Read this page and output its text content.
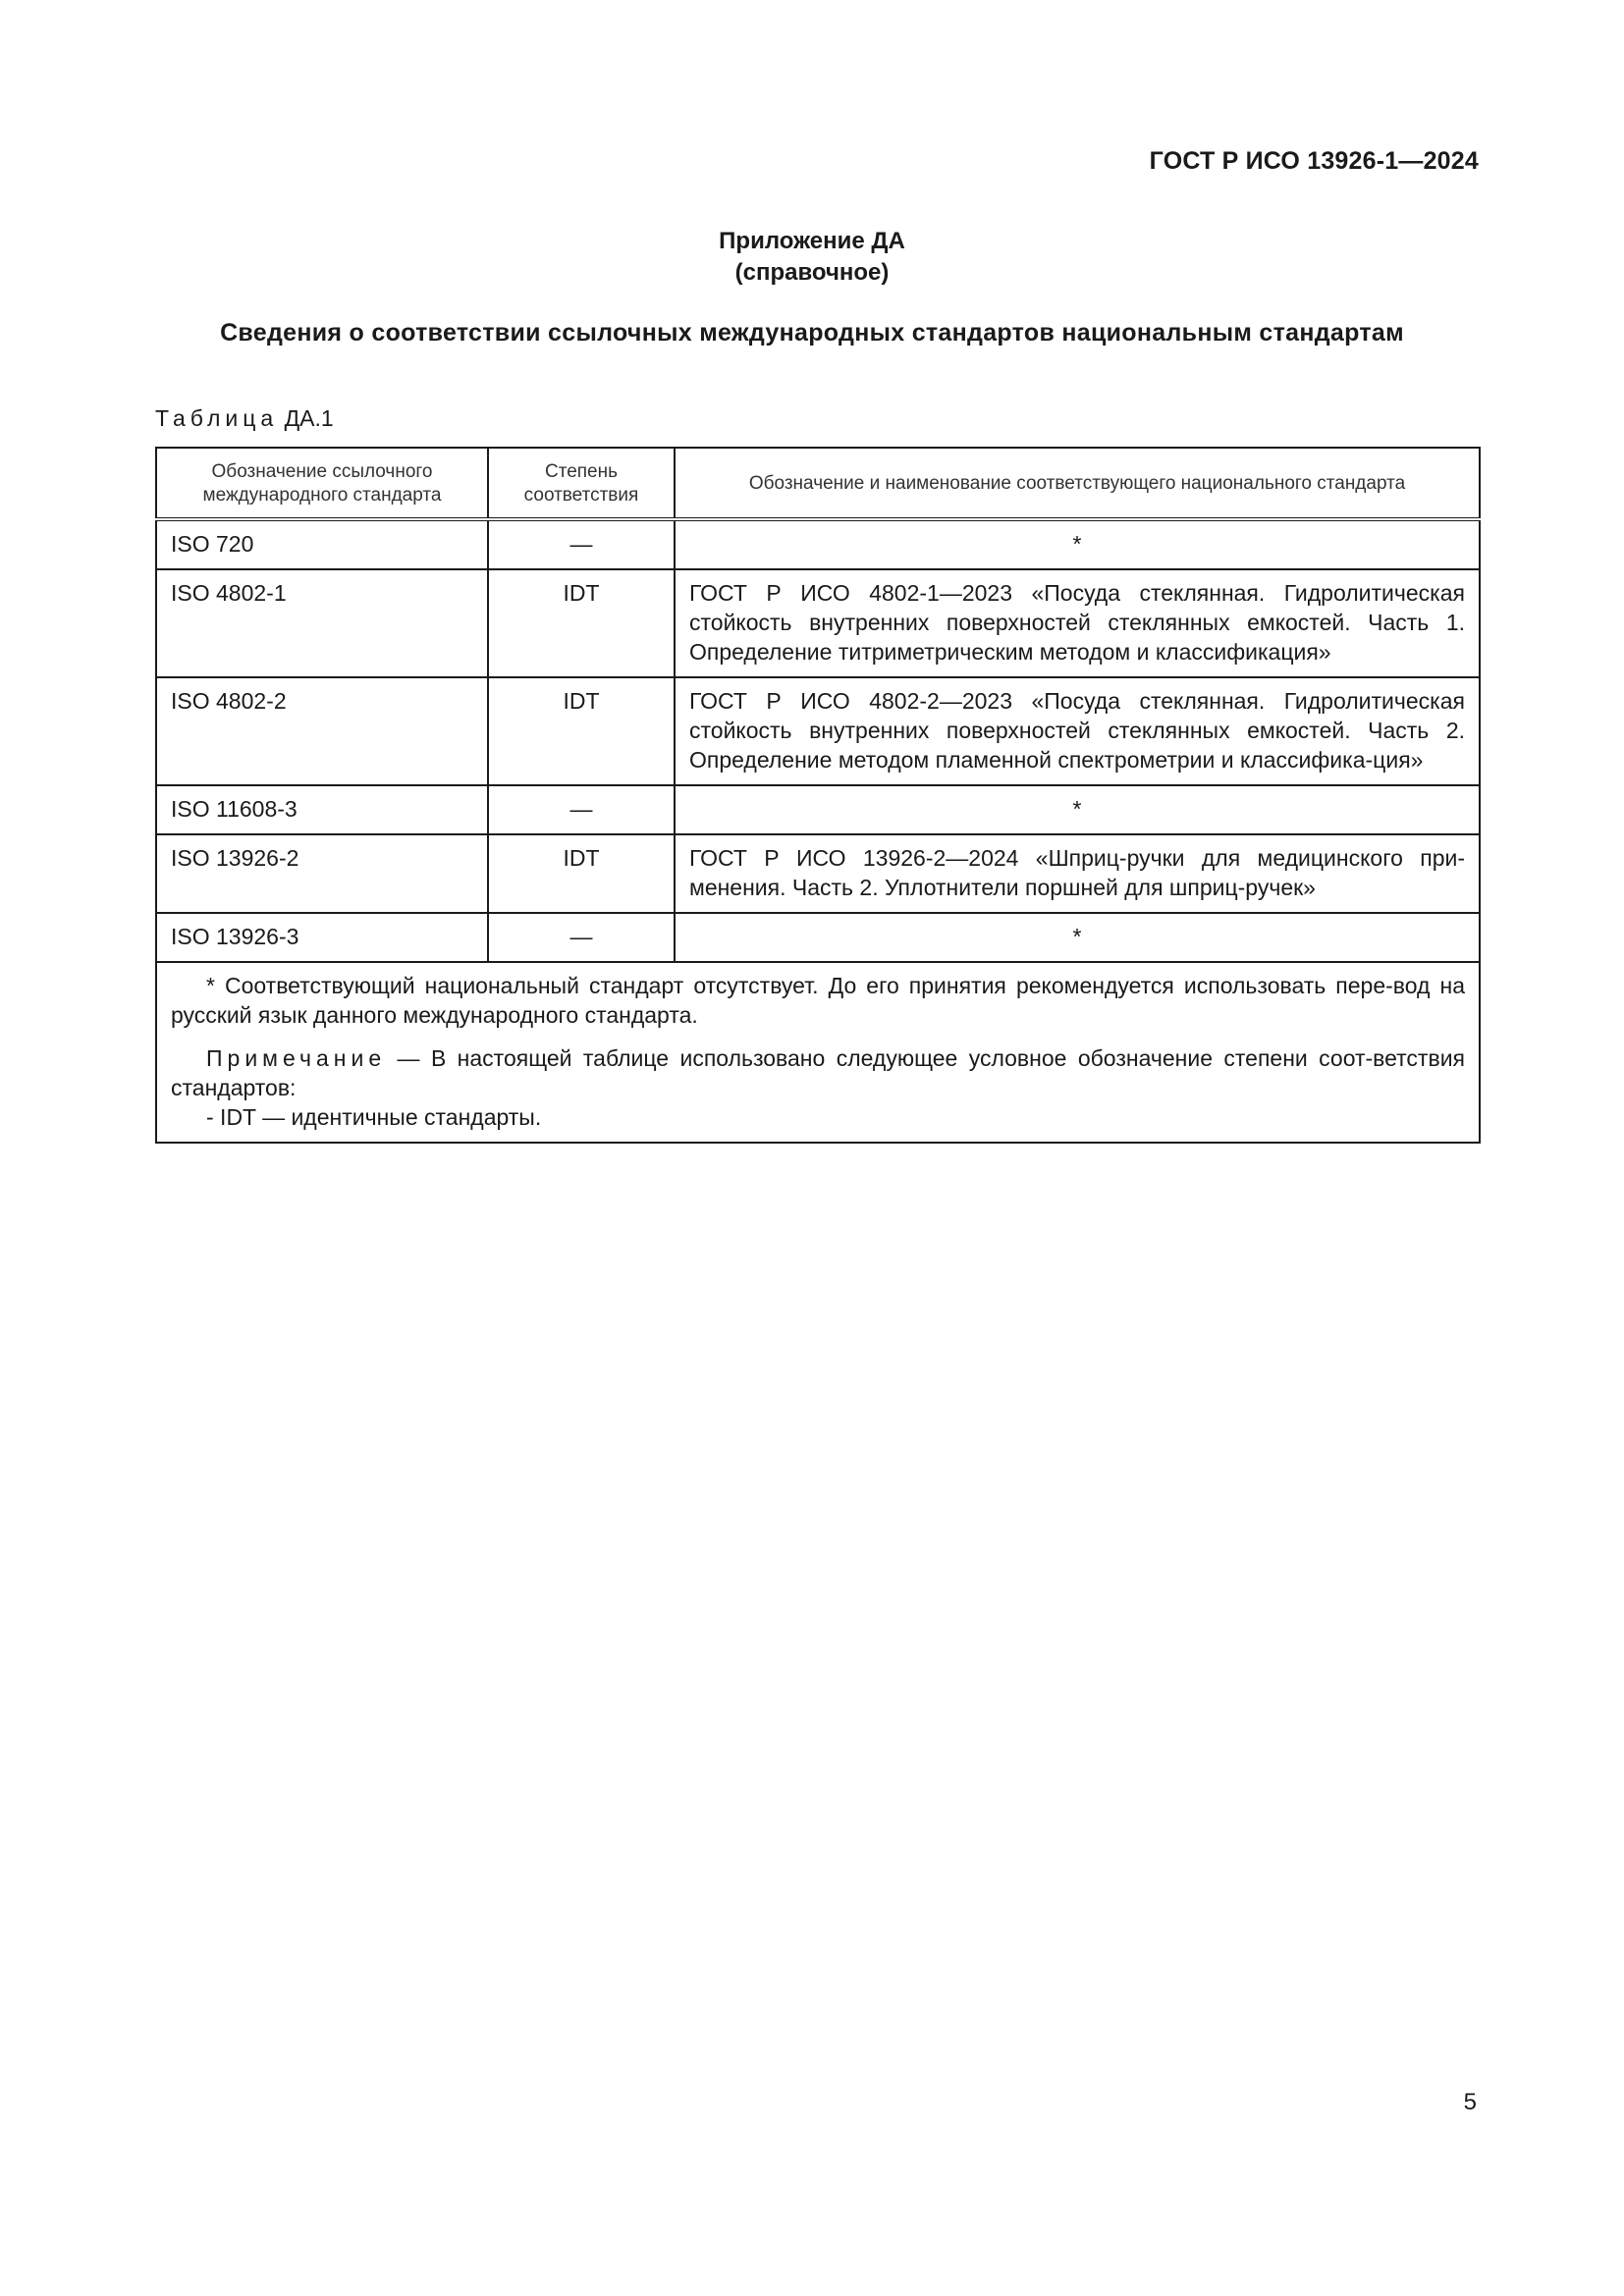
ГОСТ Р ИСО 13926-1—2024
Приложение ДА
(справочное)
Сведения о соответствии ссылочных международных стандартов национальным стандартам
Таблица ДА.1
Обозначение ссылочного международного стандарта	Степень соответствия	Обозначение и наименование соответствующего национального стандарта
ISO 720	—	*
ISO 4802-1	IDT	ГОСТ Р ИСО 4802-1—2023 «Посуда стеклянная. Гидролитическая стойкость внутренних поверхностей стеклянных емкостей. Часть 1. Определение титриметрическим методом и классификация»
ISO 4802-2	IDT	ГОСТ Р ИСО 4802-2—2023 «Посуда стеклянная. Гидролитическая стойкость внутренних поверхностей стеклянных емкостей. Часть 2. Определение методом пламенной спектрометрии и классифика-ция»
ISO 11608-3	—	*
ISO 13926-2	IDT	ГОСТ Р ИСО 13926-2—2024 «Шприц-ручки для медицинского при-менения. Часть 2. Уплотнители поршней для шприц-ручек»
ISO 13926-3	—	*

* Соответствующий национальный стандарт отсутствует. До его принятия рекомендуется использовать пере-вод на русский язык данного международного стандарта.

Примечание — В настоящей таблице использовано следующее условное обозначение степени соот-ветствия стандартов:

- IDT — идентичные стандарты.		

5
